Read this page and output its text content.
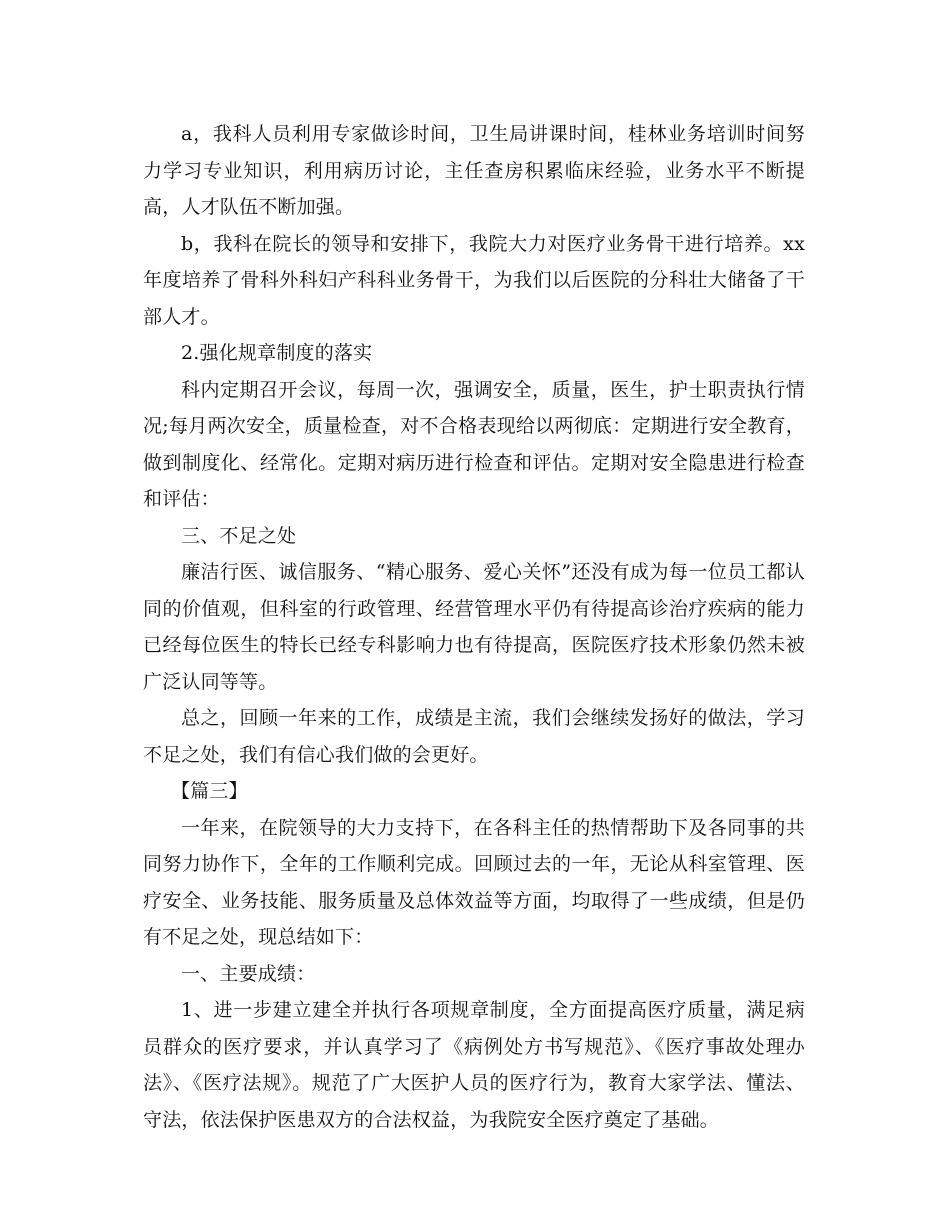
a，我科人员利用专家做诊时间，卫生局讲课时间，桂林业务培训时间努力学习专业知识，利用病历讨论，主任查房积累临床经验，业务水平不断提高，人才队伍不断加强。

b，我科在院长的领导和安排下，我院大力对医疗业务骨干进行培养。xx年度培养了骨科外科妇产科科业务骨干，为我们以后医院的分科壮大储备了干部人才。

2.强化规章制度的落实

科内定期召开会议，每周一次，强调安全，质量，医生，护士职责执行情况;每月两次安全，质量检查，对不合格表现给以两彻底：定期进行安全教育，做到制度化、经常化。定期对病历进行检查和评估。定期对安全隐患进行检查和评估：

三、不足之处

廉洁行医、诚信服务、“精心服务、爱心关怀”还没有成为每一位员工都认同的价值观，但科室的行政管理、经营管理水平仍有待提高诊治疗疾病的能力已经每位医生的特长已经专科影响力也有待提高，医院医疗技术形象仍然未被广泛认同等等。

总之，回顾一年来的工作，成绩是主流，我们会继续发扬好的做法，学习不足之处，我们有信心我们做的会更好。

【篇三】

一年来，在院领导的大力支持下，在各科主任的热情帮助下及各同事的共同努力协作下，全年的工作顺利完成。回顾过去的一年，无论从科室管理、医疗安全、业务技能、服务质量及总体效益等方面，均取得了一些成绩，但是仍有不足之处，现总结如下：

一、主要成绩：

1、进一步建立建全并执行各项规章制度，全方面提高医疗质量，满足病员群众的医疗要求，并认真学习了《病例处方书写规范》、《医疗事故处理办法》、《医疗法规》。规范了广大医护人员的医疗行为，教育大家学法、懂法、守法，依法保护医患双方的合法权益，为我院安全医疗奠定了基础。
